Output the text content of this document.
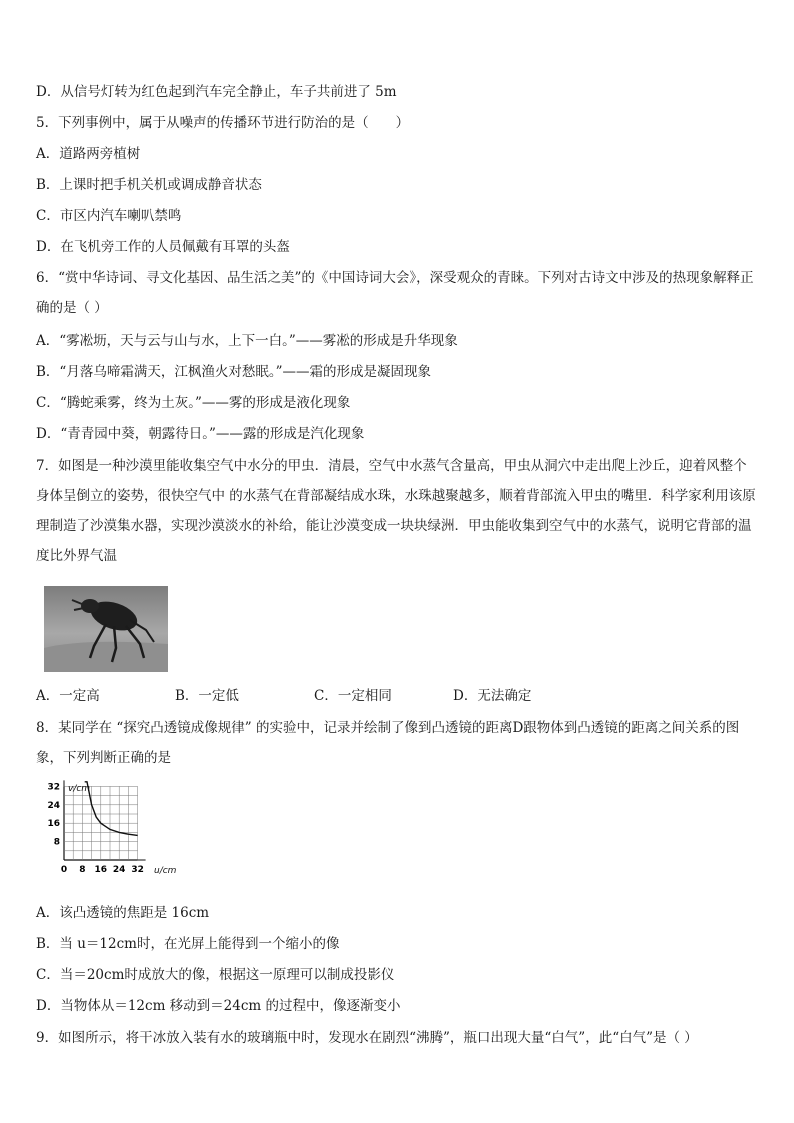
D．从信号灯转为红色起到汽车完全静止，车子共前进了 5m
5．下列事例中，属于从噪声的传播环节进行防治的是（　　）
A．道路两旁植树
B．上课时把手机关机或调成静音状态
C．市区内汽车喇叭禁鸣
D．在飞机旁工作的人员佩戴有耳罩的头盔
6．“赏中华诗词、寻文化基因、品生活之美”的《中国诗词大会》，深受观众的青睐。下列对古诗文中涉及的热现象解释正确的是（ ）
A．“雾凇坜，天与云与山与水，上下一白。”——雾凇的形成是升华现象
B．“月落乌啼霜满天，江枫渔火对愁眠。”——霜的形成是凝固现象
C．“腾蛇乘雾，终为土灰。”——雾的形成是液化现象
D．“青青园中葵，朝露待日。”——露的形成是汽化现象
7．如图是一种沙漠里能收集空气中水分的甲虫．清晨，空气中水蒸气含量高，甲虫从洞穴中走出爬上沙丘，迎着风整个身体呈倒立的姿势，很快空气中 的水蒸气在背部凝结成水珠，水珠越聚越多，顺着背部流入甲虫的嘴里．科学家利用该原理制造了沙漠集水器，实现沙漠淡水的补给，能让沙漠变成一块块绿洲．甲虫能收集到空气中的水蒸气，说明它背部的温度比外界气温
A．一定高	B．一定低	C．一定相同	D．无法确定
8．某同学在 “探究凸透镜成像规律” 的实验中，记录并绘制了像到凸透镜的距离D跟物体到凸透镜的距离之间关系的图象，下列判断正确的是
0 8 16 24 32
32
24
16
8
v/cm
u/cm
A．该凸透镜的焦距是 16cm
B．当 u＝12cm时，在光屏上能得到一个缩小的像
C．当＝20cm时成放大的像，根据这一原理可以制成投影仪
D．当物体从＝12cm 移动到＝24cm 的过程中，像逐渐变小
9．如图所示，将干冰放入装有水的玻璃瓶中时，发现水在剧烈“沸腾”，瓶口出现大量“白气”，此“白气”是（ ）
